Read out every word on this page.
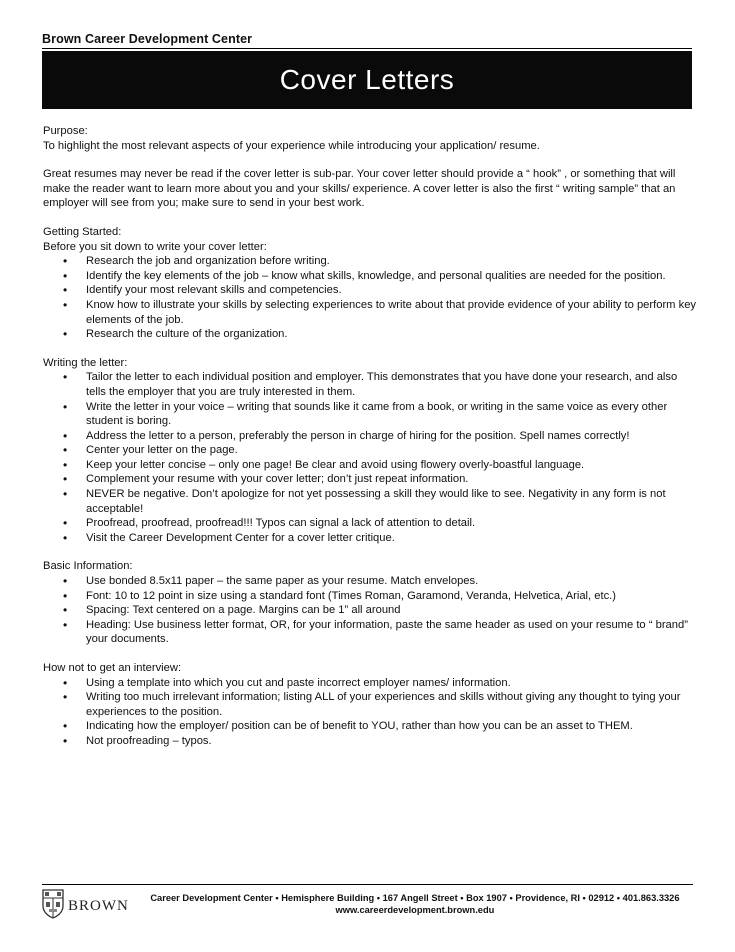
Brown Career Development Center
Cover Letters

Purpose:

To highlight the most relevant aspects of your experience while introducing your application/ resume.

Great resumes may never be read if the cover letter is sub-par. Your cover letter should provide a “ hook” , or something that will make the reader want to learn more about you and your skills/ experience. A cover letter is also the first “ writing sample” that an employer will see from you; make sure to send in your best work.

Getting Started:

Before you sit down to write your cover letter:

• Research the job and organization before writing.
• Identify the key elements of the job – know what skills, knowledge, and personal qualities are needed for the position.
• Identify your most relevant skills and competencies.
• Know how to illustrate your skills by selecting experiences to write about that provide evidence of your ability to perform key elements of the job.
• Research the culture of the organization.

Writing the letter:

• Tailor the letter to each individual position and employer. This demonstrates that you have done your research, and also tells the employer that you are truly interested in them.
• Write the letter in your voice – writing that sounds like it came from a book, or writing in the same voice as every other student is boring.
• Address the letter to a person, preferably the person in charge of hiring for the position. Spell names correctly!
• Center your letter on the page.
• Keep your letter concise – only one page! Be clear and avoid using flowery overly-boastful language.
• Complement your resume with your cover letter; don’t just repeat information.
• NEVER be negative. Don’t apologize for not yet possessing a skill they would like to see. Negativity in any form is not acceptable!
• Proofread, proofread, proofread!!! Typos can signal a lack of attention to detail.
• Visit the Career Development Center for a cover letter critique.

Basic Information:

• Use bonded 8.5x11 paper – the same paper as your resume. Match envelopes.
• Font: 10 to 12 point in size using a standard font (Times Roman, Garamond, Veranda, Helvetica, Arial, etc.)
• Spacing: Text centered on a page. Margins can be 1” all around
• Heading: Use business letter format, OR, for your information, paste the same header as used on your resume to “ brand” your documents.

How not to get an interview:

• Using a template into which you cut and paste incorrect employer names/ information.
• Writing too much irrelevant information; listing ALL of your experiences and skills without giving any thought to tying your experiences to the position.
• Indicating how the employer/ position can be of benefit to YOU, rather than how you can be an asset to THEM.
• Not proofreading – typos.
BROWN	Career Development Center • Hemisphere Building • 167 Angell Street • Box 1907 • Providence, RI • 02912 • 401.863.3326
www.careerdevelopment.brown.edu
